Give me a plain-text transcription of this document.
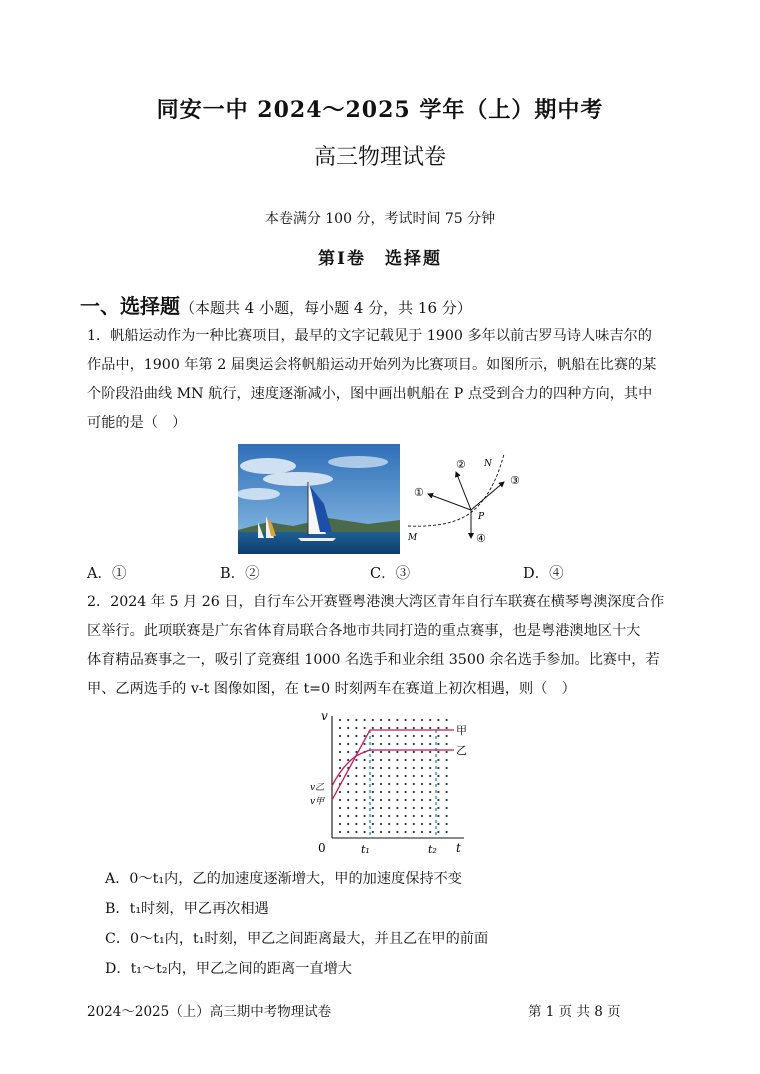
同安一中 2024～2025 学年（上）期中考
高三物理试卷
本卷满分 100 分，考试时间 75 分钟
第Ⅰ卷　选择题
一、选择题（本题共 4 小题，每小题 4 分，共 16 分）
1．帆船运动作为一种比赛项目，最早的文字记载见于 1900 多年以前古罗马诗人味吉尔的
作品中，1900 年第 2 届奥运会将帆船运动开始列为比赛项目。如图所示，帆船在比赛的某
个阶段沿曲线 MN 航行，速度逐渐减小，图中画出帆船在 P 点受到合力的四种方向，其中
可能的是（　）
②
①
③
④
N
P
M
A．①	B．②	C．③	D．④
2．2024 年 5 月 26 日，自行车公开赛暨粤港澳大湾区青年自行车联赛在横琴粤澳深度合作
区举行。此项联赛是广东省体育局联合各地市共同打造的重点赛事，也是粤港澳地区十大
体育精品赛事之一，吸引了竞赛组 1000 名选手和业余组 3500 余名选手参加。比赛中，若
甲、乙两选手的 v-t 图像如图，在 t=0 时刻两车在赛道上初次相遇，则（　）
v
t
0	t₁	t₂
甲
乙
v乙
v甲
A．0～t₁内，乙的加速度逐渐增大，甲的加速度保持不变
B．t₁时刻，甲乙再次相遇
C．0～t₁内，t₁时刻，甲乙之间距离最大，并且乙在甲的前面
D．t₁～t₂内，甲乙之间的距离一直增大
2024～2025（上）高三期中考物理试卷	第 1 页 共 8 页
